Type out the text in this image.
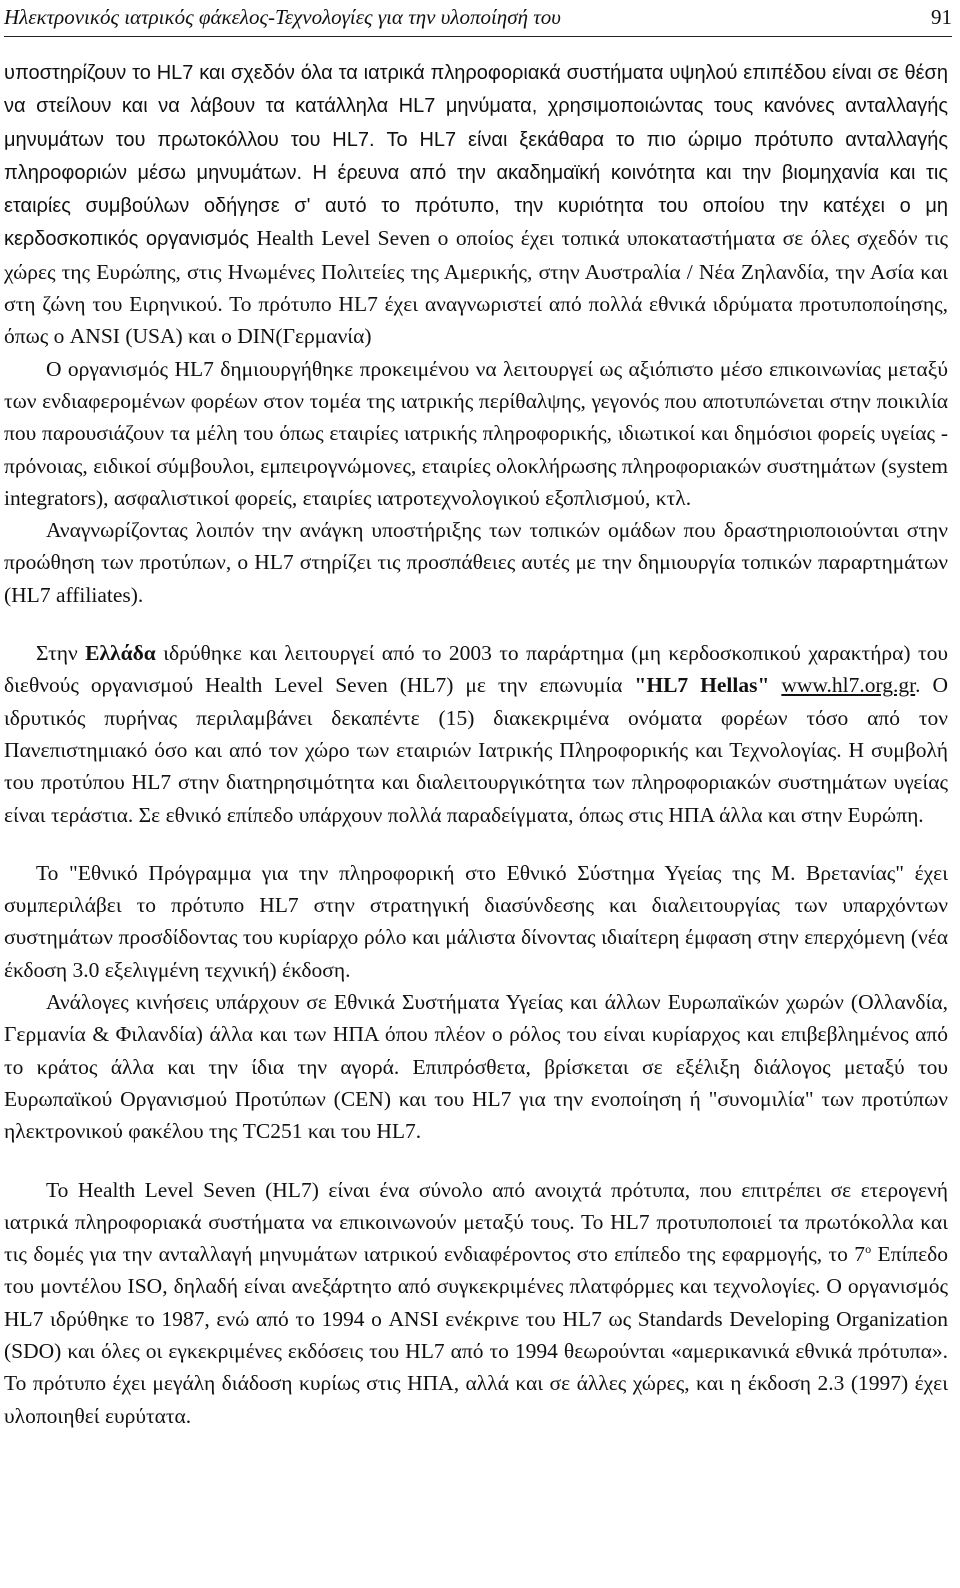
Ηλεκτρονικός ιατρικός φάκελος-Τεχνολογίες για την υλοποίησή του	91

υποστηρίζουν το HL7 και σχεδόν όλα τα ιατρικά πληροφοριακά συστήματα υψηλού επιπέδου είναι σε θέση να στείλουν και να λάβουν τα κατάλληλα HL7 μηνύματα, χρησιμοποιώντας τους κανόνες ανταλλαγής μηνυμάτων του πρωτοκόλλου του HL7. Το HL7 είναι ξεκάθαρα το πιο ώριμο πρότυπο ανταλλαγής πληροφοριών μέσω μηνυμάτων. Η έρευνα από την ακαδημαϊκή κοινότητα και την βιομηχανία και τις εταιρίες συμβούλων οδήγησε σ' αυτό το πρότυπο, την κυριότητα του οποίου την κατέχει ο μη κερδοσκοπικός οργανισμός Health Level Seven ο οποίος έχει τοπικά υποκαταστήματα σε όλες σχεδόν τις χώρες της Ευρώπης, στις Ηνωμένες Πολιτείες της Αμερικής, στην Αυστραλία / Νέα Ζηλανδία, την Ασία και στη ζώνη του Ειρηνικού. Το πρότυπο HL7 έχει αναγνωριστεί από πολλά εθνικά ιδρύματα προτυποποίησης, όπως ο ANSI (USA) και ο DIN(Γερμανία)

Ο οργανισμός HL7 δημιουργήθηκε προκειμένου να λειτουργεί ως αξιόπιστο μέσο επικοινωνίας μεταξύ των ενδιαφερομένων φορέων στον τομέα της ιατρικής περίθαλψης, γεγονός που αποτυπώνεται στην ποικιλία που παρουσιάζουν τα μέλη του όπως εταιρίες ιατρικής πληροφορικής, ιδιωτικοί και δημόσιοι φορείς υγείας - πρόνοιας, ειδικοί σύμβουλοι, εμπειρογνώμονες, εταιρίες ολοκλήρωσης πληροφοριακών συστημάτων (system integrators), ασφαλιστικοί φορείς, εταιρίες ιατροτεχνολογικού εξοπλισμού, κτλ.

Αναγνωρίζοντας λοιπόν την ανάγκη υποστήριξης των τοπικών ομάδων που δραστηριοποιούνται στην προώθηση των προτύπων, ο HL7 στηρίζει τις προσπάθειες αυτές με την δημιουργία τοπικών παραρτημάτων (HL7 affiliates).

Στην Ελλάδα ιδρύθηκε και λειτουργεί από το 2003 το παράρτημα (μη κερδοσκοπικού χαρακτήρα) του διεθνούς οργανισμού Health Level Seven (HL7) με την επωνυμία "HL7 Hellas" www.hl7.org.gr. Ο ιδρυτικός πυρήνας περιλαμβάνει δεκαπέντε (15) διακεκριμένα ονόματα φορέων τόσο από τον Πανεπιστημιακό όσο και από τον χώρο των εταιριών Ιατρικής Πληροφορικής και Τεχνολογίας. Η συμβολή του προτύπου HL7 στην διατηρησιμότητα και διαλειτουργικότητα των πληροφοριακών συστημάτων υγείας είναι τεράστια. Σε εθνικό επίπεδο υπάρχουν πολλά παραδείγματα, όπως στις ΗΠΑ άλλα και στην Ευρώπη.

Το "Εθνικό Πρόγραμμα για την πληροφορική στο Εθνικό Σύστημα Υγείας της Μ. Βρετανίας" έχει συμπεριλάβει το πρότυπο HL7 στην στρατηγική διασύνδεσης και διαλειτουργίας των υπαρχόντων συστημάτων προσδίδοντας του κυρίαρχο ρόλο και μάλιστα δίνοντας ιδιαίτερη έμφαση στην επερχόμενη (νέα έκδοση 3.0 εξελιγμένη τεχνική) έκδοση.

Ανάλογες κινήσεις υπάρχουν σε Εθνικά Συστήματα Υγείας και άλλων Ευρωπαϊκών χωρών (Ολλανδία, Γερμανία & Φιλανδία) άλλα και των ΗΠΑ όπου πλέον ο ρόλος του είναι κυρίαρχος και επιβεβλημένος από το κράτος άλλα και την ίδια την αγορά. Επιπρόσθετα, βρίσκεται σε εξέλιξη διάλογος μεταξύ του Ευρωπαϊκού Οργανισμού Προτύπων (CEN) και του HL7 για την ενοποίηση ή "συνομιλία" των προτύπων ηλεκτρονικού φακέλου της TC251 και του HL7.

Το Health Level Seven (HL7) είναι ένα σύνολο από ανοιχτά πρότυπα, που επιτρέπει σε ετερογενή ιατρικά πληροφοριακά συστήματα να επικοινωνούν μεταξύ τους. Το HL7 προτυποποιεί τα πρωτόκολλα και τις δομές για την ανταλλαγή μηνυμάτων ιατρικού ενδιαφέροντος στο επίπεδο της εφαρμογής, το $7^o$ Επίπεδο του μοντέλου ISO, δηλαδή είναι ανεξάρτητο από συγκεκριμένες πλατφόρμες και τεχνολογίες. Ο οργανισμός HL7 ιδρύθηκε το 1987, ενώ από το 1994 ο ANSI ενέκρινε του HL7 ως Standards Developing Organization (SDO) και όλες οι εγκεκριμένες εκδόσεις του HL7 από το 1994 θεωρούνται «αμερικανικά εθνικά πρότυπα». Το πρότυπο έχει μεγάλη διάδοση κυρίως στις ΗΠΑ, αλλά και σε άλλες χώρες, και η έκδοση 2.3 (1997) έχει υλοποιηθεί ευρύτατα.
